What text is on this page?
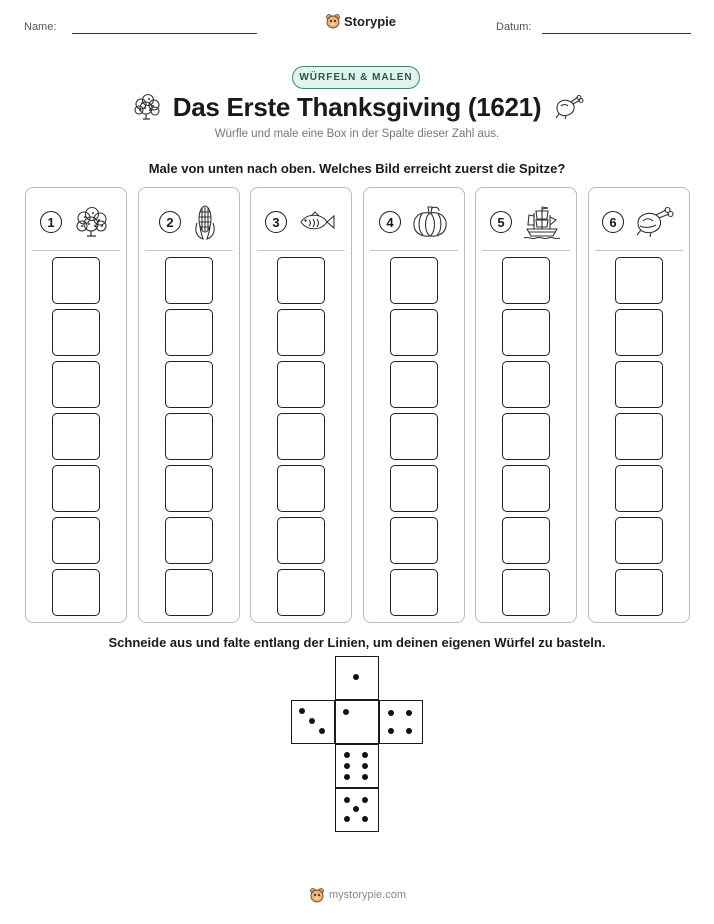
Name:	Storypie	Datum:
WÜRFELN & MALEN
Das Erste Thanksgiving (1621)
Würfle und male eine Box in der Spalte dieser Zahl aus.
Male von unten nach oben. Welches Bild erreicht zuerst die Spitze?
1	2	3	4	5	6
Schneide aus und falte entlang der Linien, um deinen eigenen Würfel zu basteln.
mystorypie.com
